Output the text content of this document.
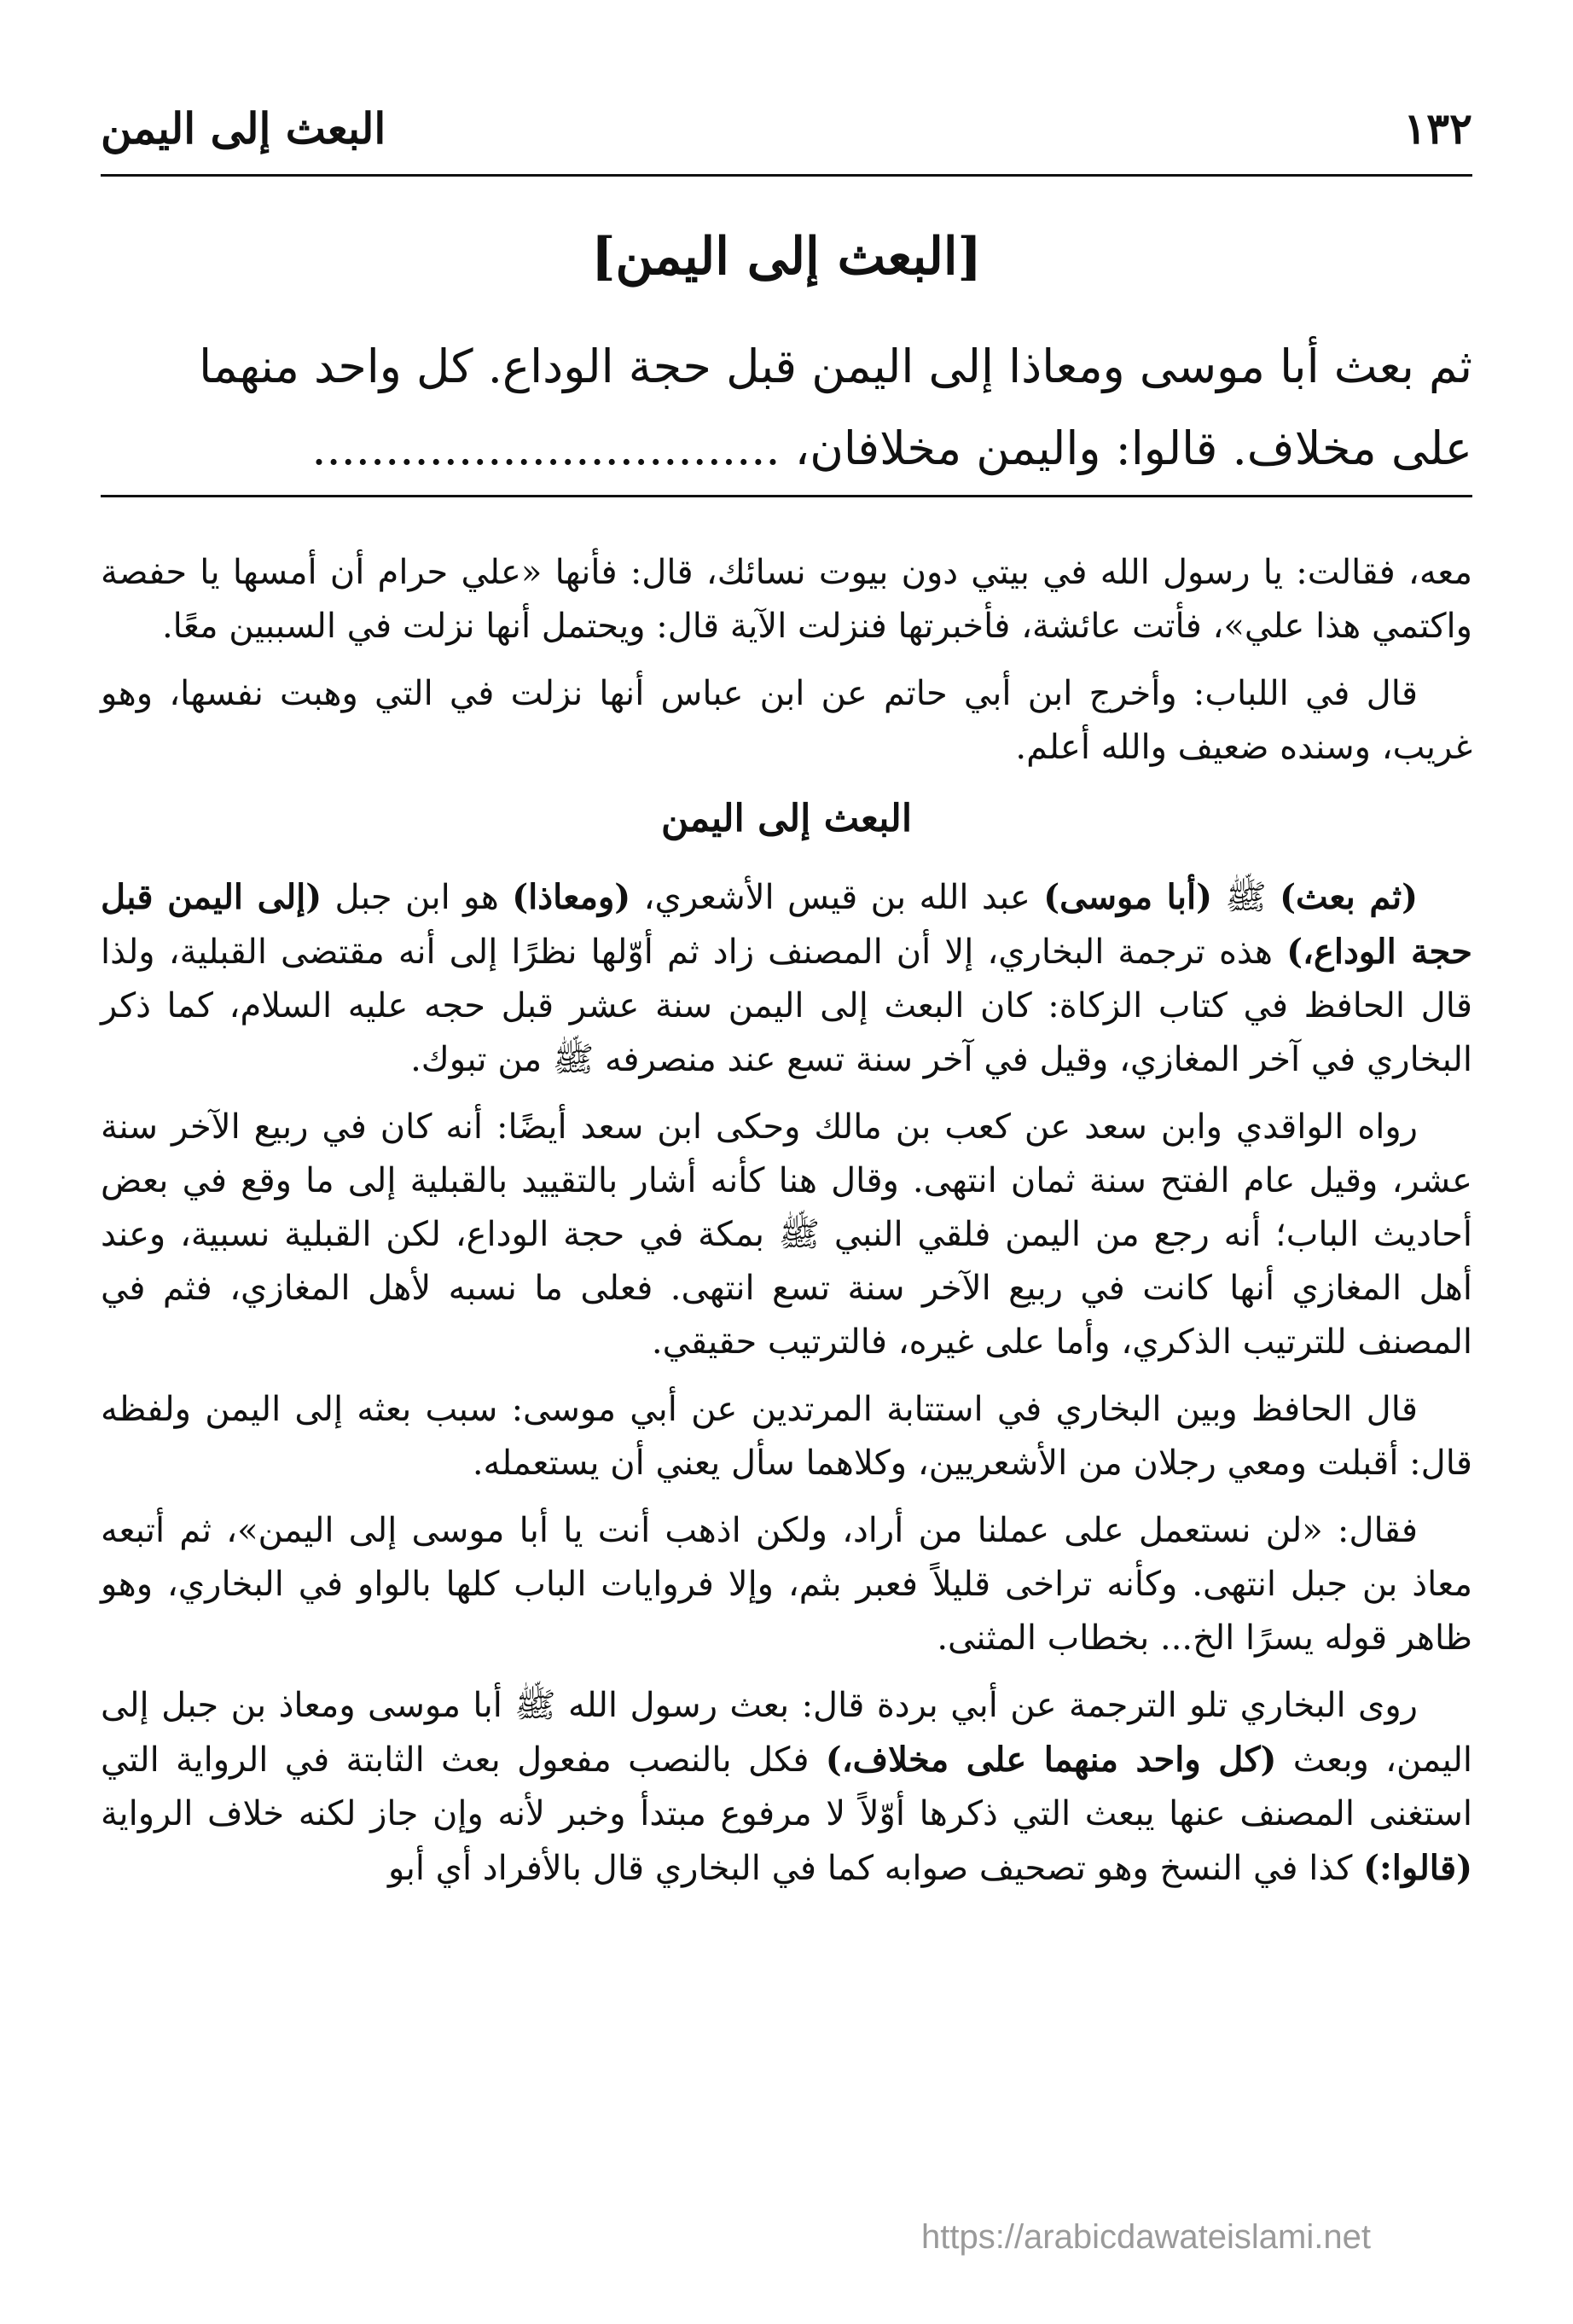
١٣٢
البعث إلى اليمن
[البعث إلى اليمن]
ثم بعث أبا موسى ومعاذا إلى اليمن قبل حجة الوداع. كل واحد منهما
على مخلاف. قالوا: واليمن مخلافان، ................................

معه، فقالت: يا رسول الله في بيتي دون بيوت نسائك، قال: فأنها «علي حرام أن أمسها يا حفصة واكتمي هذا علي»، فأتت عائشة، فأخبرتها فنزلت الآية قال: ويحتمل أنها نزلت في السببين معًا.

قال في اللباب: وأخرج ابن أبي حاتم عن ابن عباس أنها نزلت في التي وهبت نفسها، وهو غريب، وسنده ضعيف والله أعلم.

البعث إلى اليمن

(ثم بعث) ﷺ (أبا موسى) عبد الله بن قيس الأشعري، (ومعاذا) هو ابن جبل (إلى اليمن قبل حجة الوداع،) هذه ترجمة البخاري، إلا أن المصنف زاد ثم أوّلها نظرًا إلى أنه مقتضى القبلية، ولذا قال الحافظ في كتاب الزكاة: كان البعث إلى اليمن سنة عشر قبل حجه عليه السلام، كما ذكر البخاري في آخر المغازي، وقيل في آخر سنة تسع عند منصرفه ﷺ من تبوك.

رواه الواقدي وابن سعد عن كعب بن مالك وحكى ابن سعد أيضًا: أنه كان في ربيع الآخر سنة عشر، وقيل عام الفتح سنة ثمان انتهى. وقال هنا كأنه أشار بالتقييد بالقبلية إلى ما وقع في بعض أحاديث الباب؛ أنه رجع من اليمن فلقي النبي ﷺ بمكة في حجة الوداع، لكن القبلية نسبية، وعند أهل المغازي أنها كانت في ربيع الآخر سنة تسع انتهى. فعلى ما نسبه لأهل المغازي، فثم في المصنف للترتيب الذكري، وأما على غيره، فالترتيب حقيقي.

قال الحافظ وبين البخاري في استتابة المرتدين عن أبي موسى: سبب بعثه إلى اليمن ولفظه قال: أقبلت ومعي رجلان من الأشعريين، وكلاهما سأل يعني أن يستعمله.

فقال: «لن نستعمل على عملنا من أراد، ولكن اذهب أنت يا أبا موسى إلى اليمن»، ثم أتبعه معاذ بن جبل انتهى. وكأنه تراخى قليلاً فعبر بثم، وإلا فروايات الباب كلها بالواو في البخاري، وهو ظاهر قوله يسرًا الخ... بخطاب المثنى.

روى البخاري تلو الترجمة عن أبي بردة قال: بعث رسول الله ﷺ أبا موسى ومعاذ بن جبل إلى اليمن، وبعث (كل واحد منهما على مخلاف،) فكل بالنصب مفعول بعث الثابتة في الرواية التي استغنى المصنف عنها يبعث التي ذكرها أوّلاً لا مرفوع مبتدأ وخبر لأنه وإن جاز لكنه خلاف الرواية (قالوا:) كذا في النسخ وهو تصحيف صوابه كما في البخاري قال بالأفراد أي أبو

https://arabicdawateislami.net
